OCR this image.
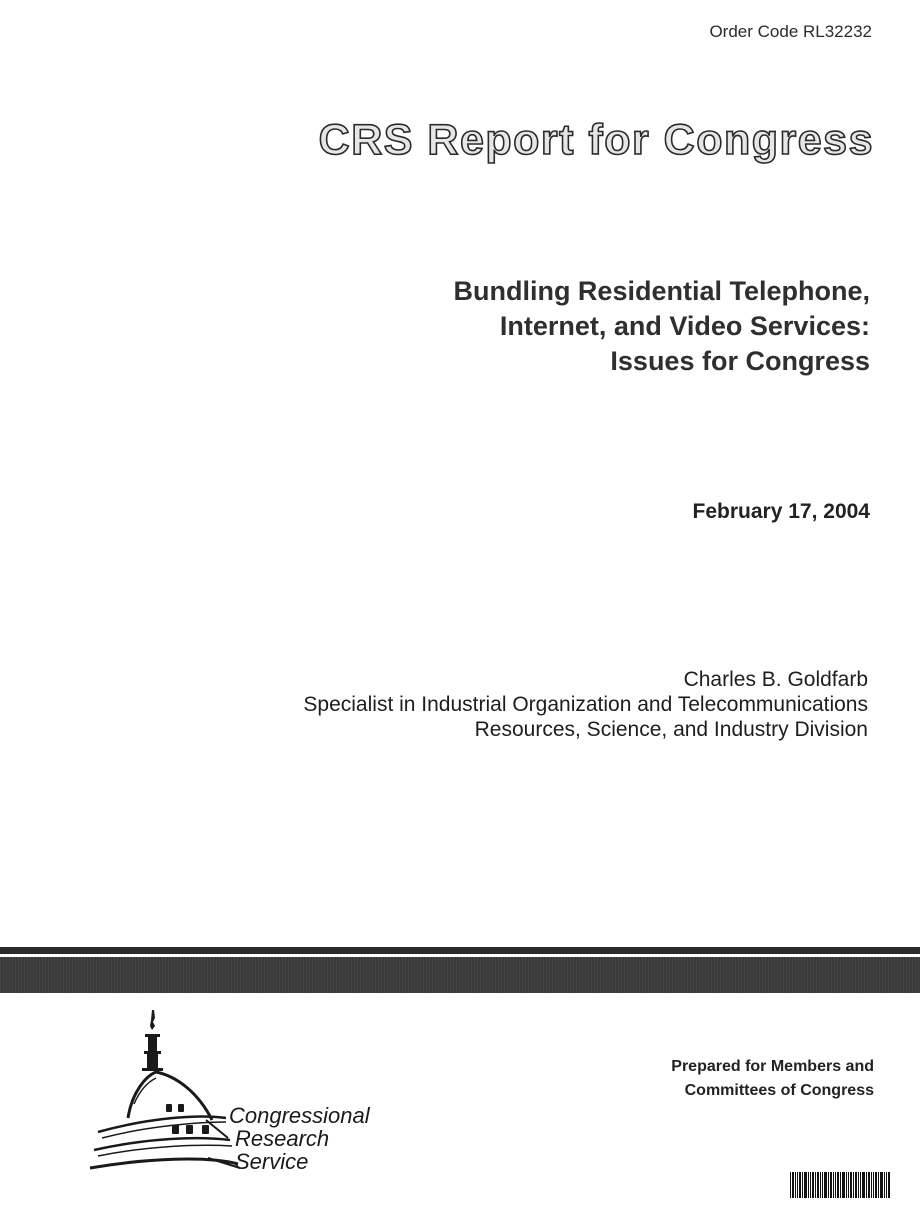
Order Code RL32232
CRS Report for Congress
Bundling Residential Telephone,
Internet, and Video Services:
Issues for Congress
February 17, 2004
Charles B. Goldfarb
Specialist in Industrial Organization and Telecommunications
Resources, Science, and Industry Division
Congressional
Research
Service
Prepared for Members and
Committees of Congress
